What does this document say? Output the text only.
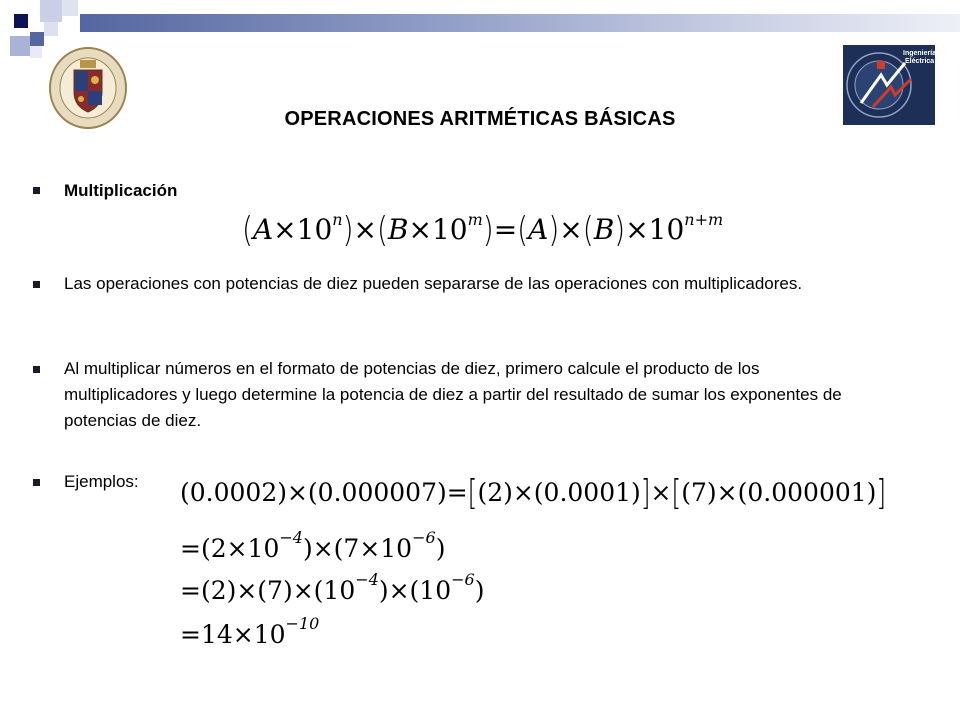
Ingeniería
Eléctrica
OPERACIONES ARITMÉTICAS BÁSICAS
Multiplicación
$(A\times 10^n)\times(B\times 10^m)=(A)\times(B)\times 10^{n+m}$
Las operaciones con potencias de diez pueden separarse de las operaciones con multiplicadores.
Al multiplicar números en el formato de potencias de diez, primero calcule el producto de los multiplicadores y luego determine la potencia de diez a partir del resultado de sumar los exponentes de potencias de diez.
Ejemplos: (0.0002)×(0.000007)=[(2)×(0.0001)]×[(7)×(0.000001)]
$=(2\times 10^{-4})\times(7\times 10^{-6})$
$=(2)\times(7)\times(10^{-4})\times(10^{-6})$
$=14\times 10^{-10}$
